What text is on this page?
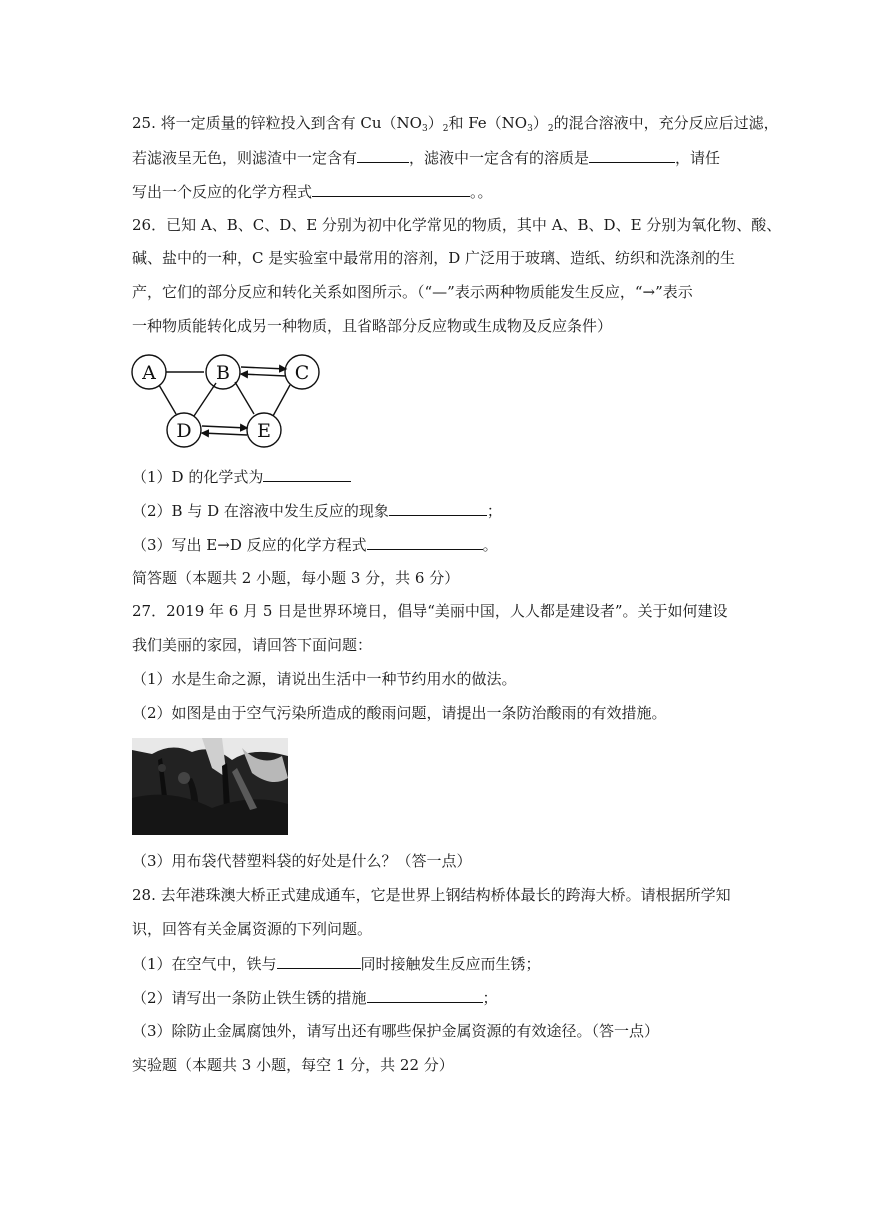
25. 将一定质量的锌粒投入到含有 $Cu(NO_3)_2$和 $Fe(NO_3)_2$的混合溶液中，充分反应后过滤，
若滤液呈无色，则滤渣中一定含有	，滤液中一定含有的溶质是	，请任
写出一个反应的化学方程式	。。
26．已知 A、B、C、D、E 分别为初中化学常见的物质，其中 A、B、D、E 分别为氧化物、酸、
碱、盐中的一种，C 是实验室中最常用的溶剂，D 广泛用于玻璃、造纸、纺织和洗涤剂的生
产，它们的部分反应和转化关系如图所示。（“—”表示两种物质能发生反应，“→”表示
一种物质能转化成另一种物质，且省略部分反应物或生成物及反应条件）
A	B	C
D	E
（1）D 的化学式为
（2）B 与 D 在溶液中发生反应的现象	；
（3）写出 E→D 反应的化学方程式	。
简答题（本题共 2 小题，每小题 3 分，共 6 分）
27．2019 年 6 月 5 日是世界环境日，倡导“美丽中国，人人都是建设者”。关于如何建设
我们美丽的家园，请回答下面问题：
（1）水是生命之源，请说出生活中一种节约用水的做法。
（2）如图是由于空气污染所造成的酸雨问题，请提出一条防治酸雨的有效措施。
（3）用布袋代替塑料袋的好处是什么？（答一点）
28. 去年港珠澳大桥正式建成通车，它是世界上钢结构桥体最长的跨海大桥。请根据所学知
识，回答有关金属资源的下列问题。
（1）在空气中，铁与	同时接触发生反应而生锈；
（2）请写出一条防止铁生锈的措施	；
（3）除防止金属腐蚀外，请写出还有哪些保护金属资源的有效途径。（答一点）
实验题（本题共 3 小题，每空 1 分，共 22 分）
